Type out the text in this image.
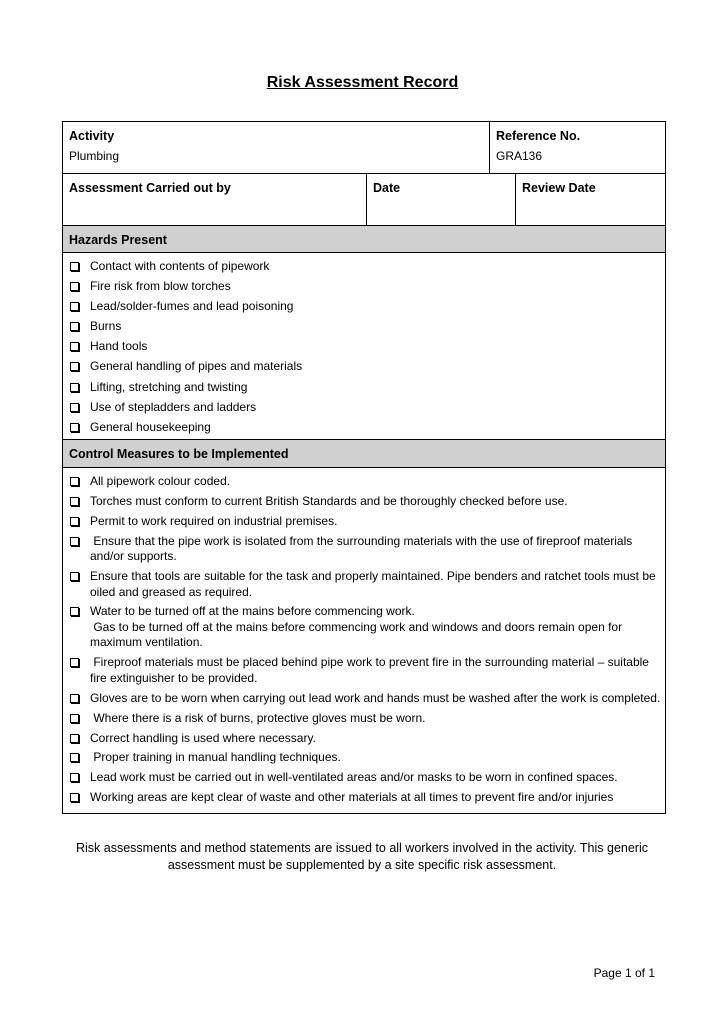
Risk Assessment Record
Activity
Plumbing
Reference No.
GRA136
Assessment Carried out by	Date	Review Date
Hazards Present
Contact with contents of pipework
Fire risk from blow torches
Lead/solder-fumes and lead poisoning
Burns
Hand tools
General handling of pipes and materials
Lifting, stretching and twisting
Use of stepladders and ladders
General housekeeping
Control Measures to be Implemented
All pipework colour coded.
Torches must conform to current British Standards and be thoroughly checked before use.
Permit to work required on industrial premises.
Ensure that the pipe work is isolated from the surrounding materials with the use of fireproof materials and/or supports.
Ensure that tools are suitable for the task and properly maintained. Pipe benders and ratchet tools must be oiled and greased as required.
Water to be turned off at the mains before commencing work.
Gas to be turned off at the mains before commencing work and windows and doors remain open for maximum ventilation.
Fireproof materials must be placed behind pipe work to prevent fire in the surrounding material – suitable fire extinguisher to be provided.
Gloves are to be worn when carrying out lead work and hands must be washed after the work is completed.
Where there is a risk of burns, protective gloves must be worn.
Correct handling is used where necessary.
Proper training in manual handling techniques.
Lead work must be carried out in well-ventilated areas and/or masks to be worn in confined spaces.
Working areas are kept clear of waste and other materials at all times to prevent fire and/or injuries
Risk assessments and method statements are issued to all workers involved in the activity. This generic assessment must be supplemented by a site specific risk assessment.
Page 1 of 1
